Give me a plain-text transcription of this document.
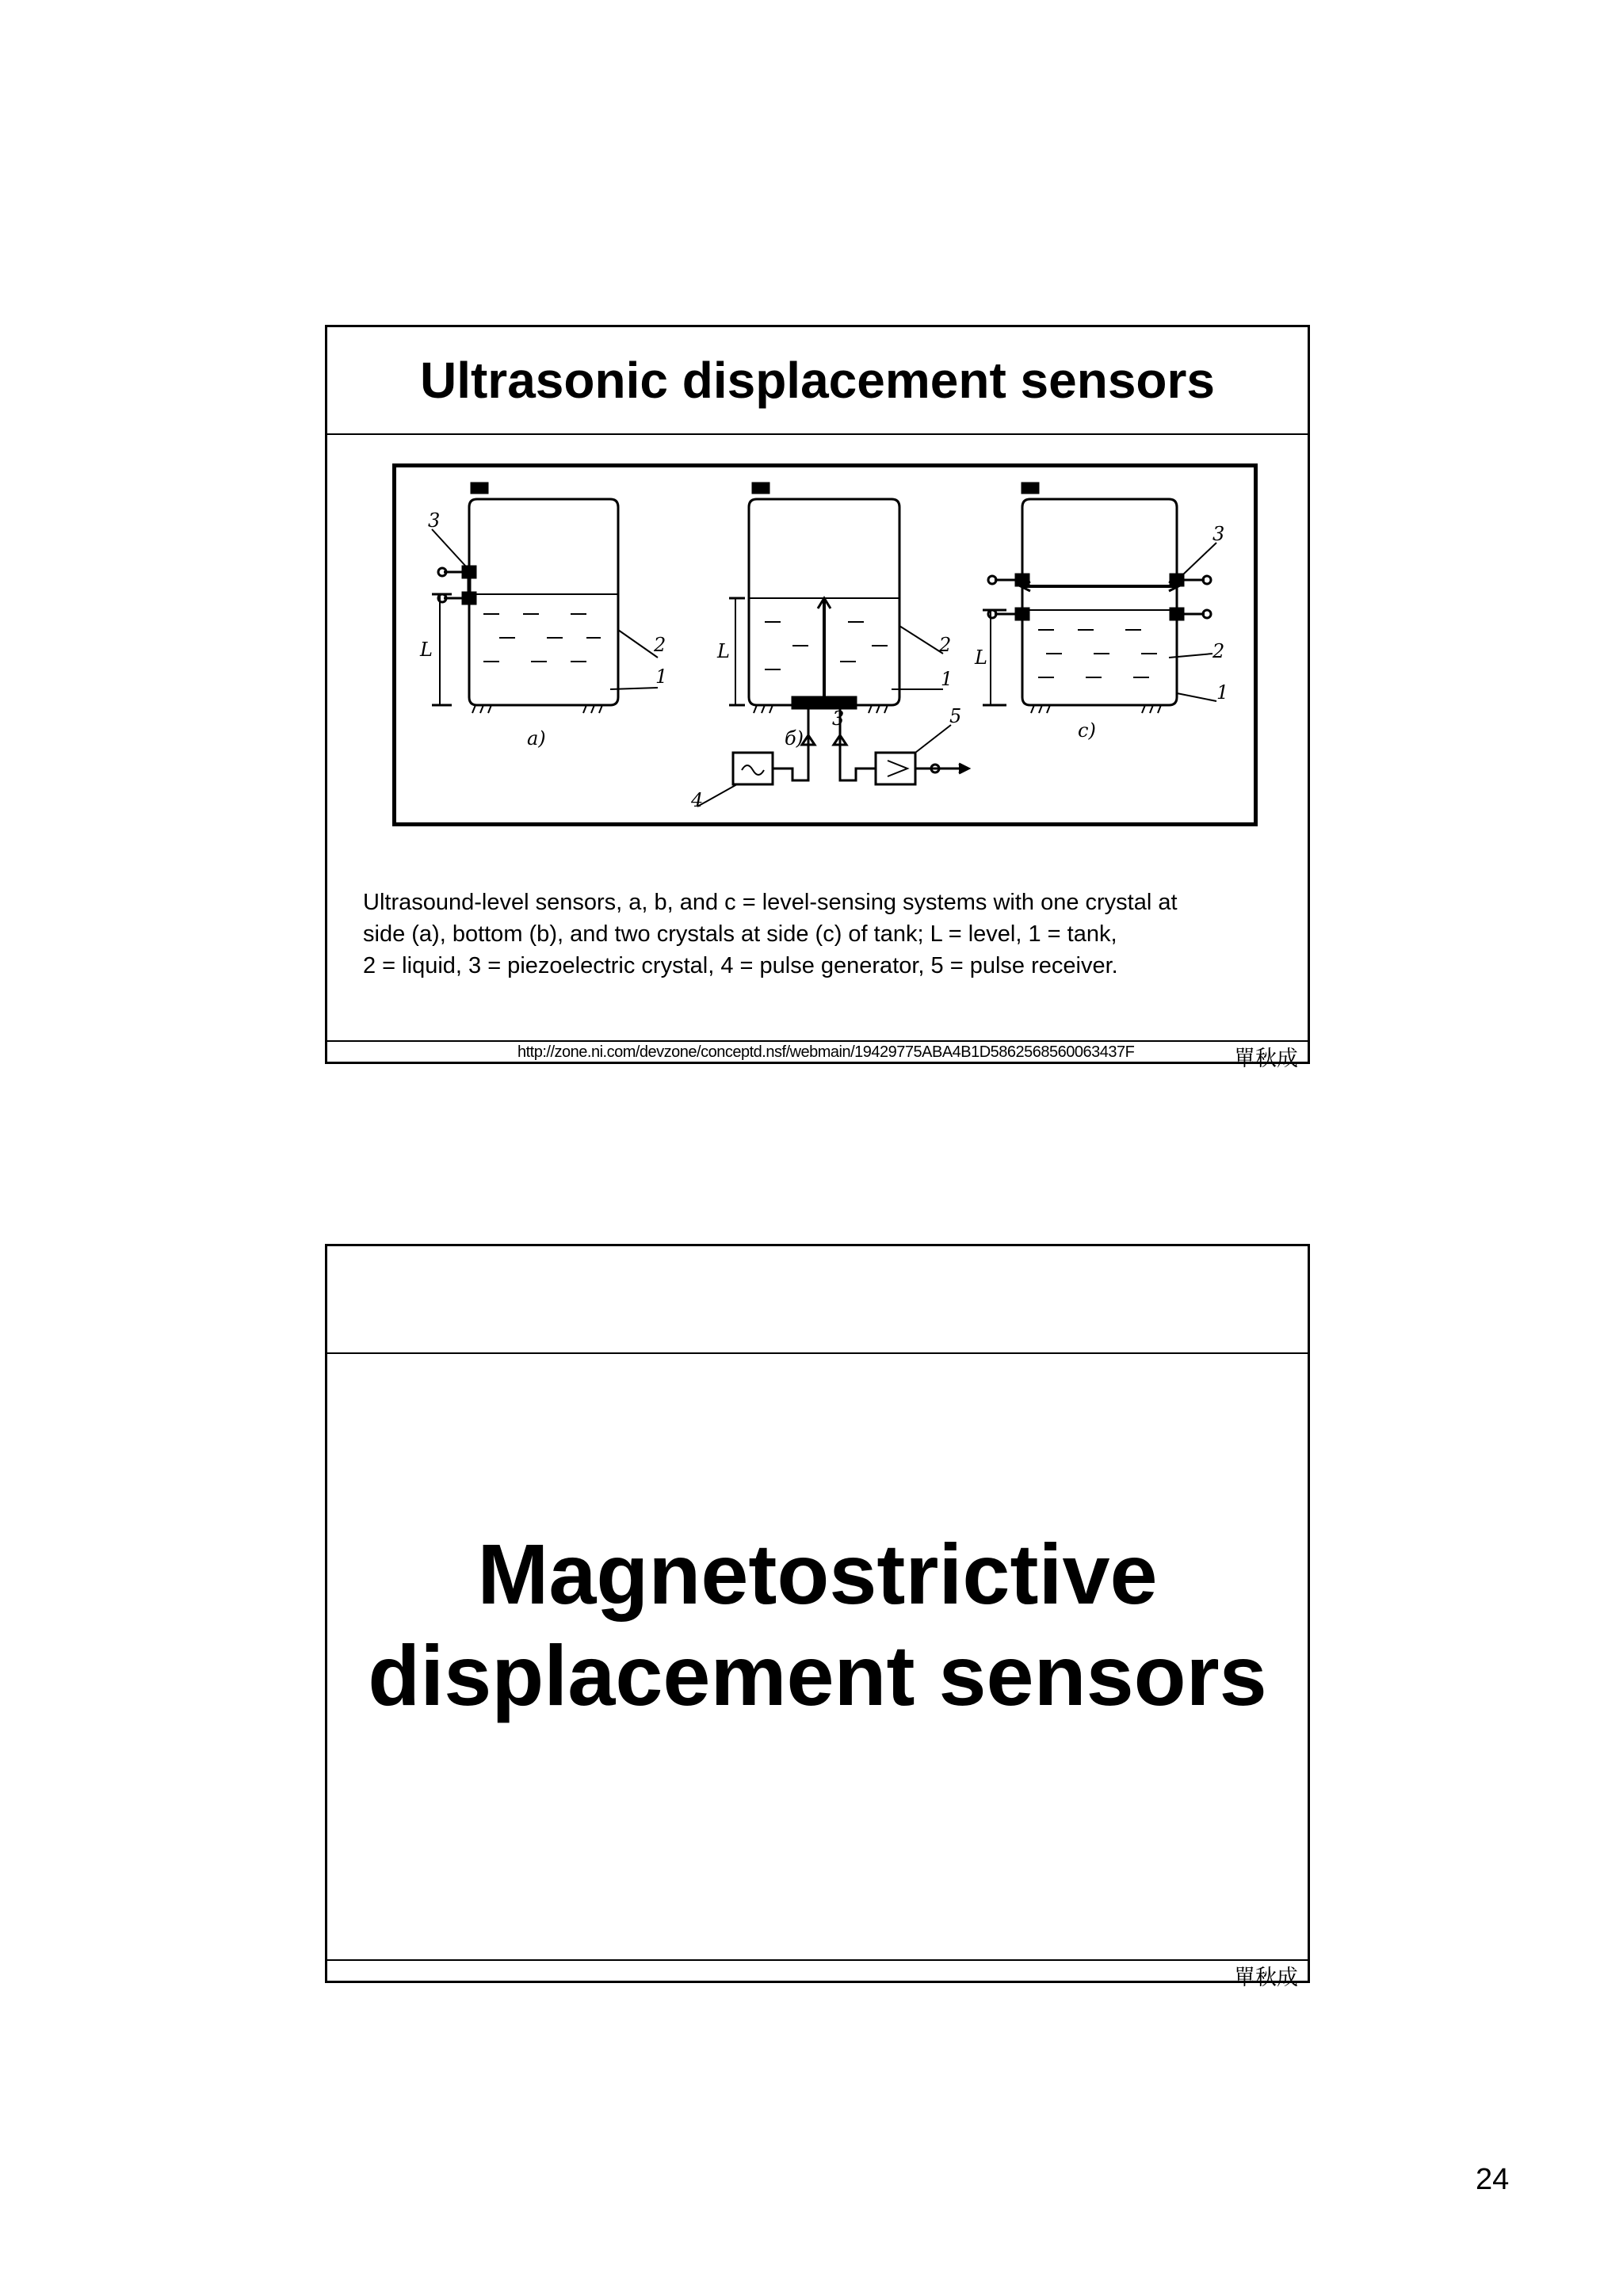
Ultrasonic displacement sensors
3
2
1
L
a)
L	2
1
б)
3	5
4
3
2
1
L
c)
Ultrasound-level sensors, a, b, and c = level-sensing systems with one crystal at
side (a), bottom (b), and two crystals at side (c) of tank; L = level, 1 = tank,
2 = liquid, 3 = piezoelectric crystal, 4 = pulse generator, 5 = pulse receiver.
http://zone.ni.com/devzone/conceptd.nsf/webmain/19429775ABA4B1D5862568560063437F	單秋成
Magnetostrictive
displacement sensors
單秋成
24
